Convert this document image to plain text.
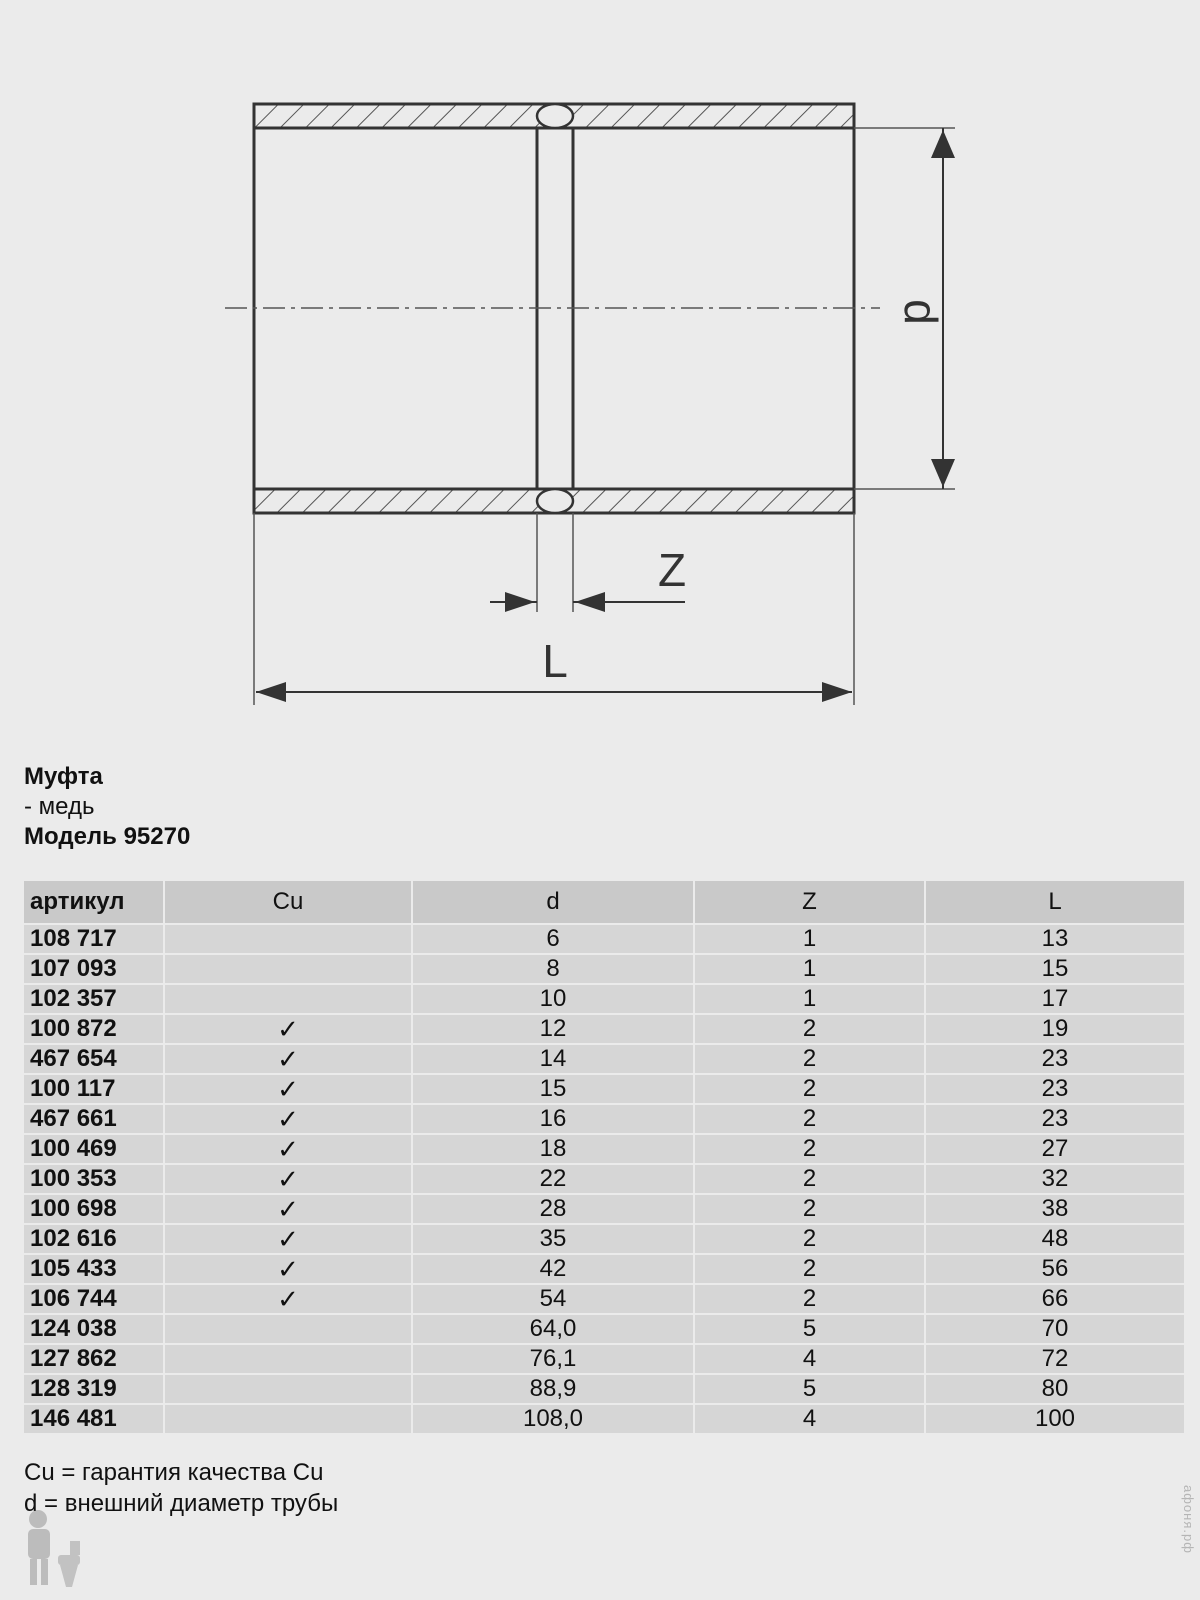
d
Z
L
Муфта
- медь
Модель 95270
артикул	Cu	d	Z	L
108 717		6	1	13
107 093		8	1	15
102 357		10	1	17
100 872	✓	12	2	19
467 654	✓	14	2	23
100 117	✓	15	2	23
467 661	✓	16	2	23
100 469	✓	18	2	27
100 353	✓	22	2	32
100 698	✓	28	2	38
102 616	✓	35	2	48
105 433	✓	42	2	56
106 744	✓	54	2	66
124 038		64,0	5	70
127 862		76,1	4	72
128 319		88,9	5	80
146 481		108,0	4	100
Cu = гарантия качества Cu
d = внешний диаметр трубы	афоня.рф
